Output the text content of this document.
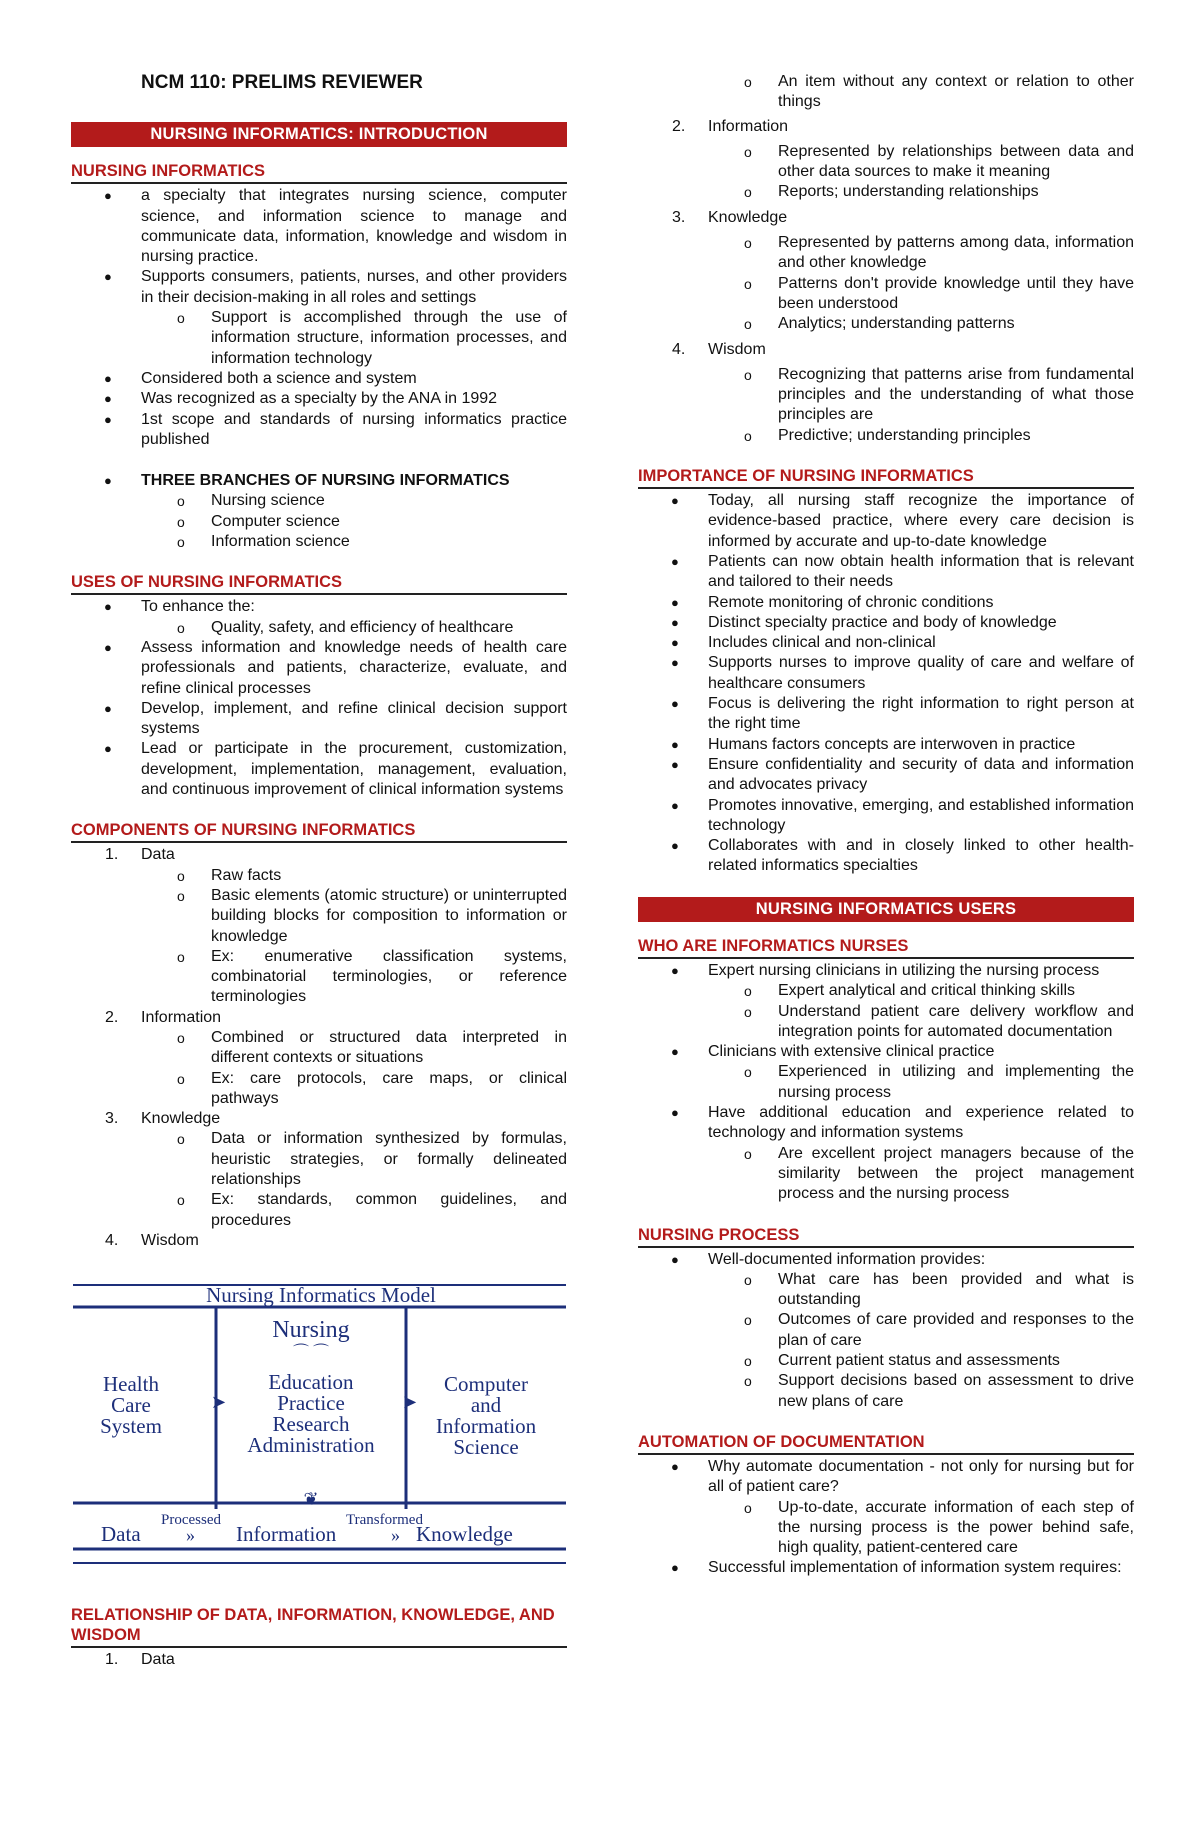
NCM 110: PRELIMS REVIEWER
NURSING INFORMATICS: INTRODUCTION
NURSING INFORMATICS
● a specialty that integrates nursing science, computer science, and information science to manage and communicate data, information, knowledge and wisdom in nursing practice.
● Supports consumers, patients, nurses, and other providers in their decision-making in all roles and settings
o Support is accomplished through the use of information structure, information processes, and information technology
● Considered both a science and system
● Was recognized as a specialty by the ANA in 1992
● 1st scope and standards of nursing informatics practice published
● THREE BRANCHES OF NURSING INFORMATICS
o Nursing science
o Computer science
o Information science
USES OF NURSING INFORMATICS
● To enhance the:
o Quality, safety, and efficiency of healthcare
● Assess information and knowledge needs of health care professionals and patients, characterize, evaluate, and refine clinical processes
● Develop, implement, and refine clinical decision support systems
● Lead or participate in the procurement, customization, development, implementation, management, evaluation, and continuous improvement of clinical information systems
COMPONENTS OF NURSING INFORMATICS
1. Data
o Raw facts
o Basic elements (atomic structure) or uninterrupted building blocks for composition to information or knowledge
o Ex: enumerative classification systems, combinatorial terminologies, or reference terminologies
2. Information
o Combined or structured data interpreted in different contexts or situations
o Ex: care protocols, care maps, or clinical pathways
3. Knowledge
o Data or information synthesized by formulas, heuristic strategies, or formally delineated relationships
o Ex: standards, common guidelines, and procedures
4. Wisdom
Nursing Informatics Model
Health
Care
System
Nursing
⌒ ⌒
Education
Practice
Research
Administration
Computer
and
Information
Science
➤	➤
❦
Processed	Transformed
Data	» Information	» Knowledge
RELATIONSHIP OF DATA, INFORMATION, KNOWLEDGE, AND WISDOM
1. Data
o An item without any context or relation to other things
2. Information
o Represented by relationships between data and other data sources to make it meaning
o Reports; understanding relationships
3. Knowledge
o Represented by patterns among data, information and other knowledge
o Patterns don't provide knowledge until they have been understood
o Analytics; understanding patterns
4. Wisdom
o Recognizing that patterns arise from fundamental principles and the understanding of what those principles are
o Predictive; understanding principles
IMPORTANCE OF NURSING INFORMATICS
● Today, all nursing staff recognize the importance of evidence-based practice, where every care decision is informed by accurate and up-to-date knowledge
● Patients can now obtain health information that is relevant and tailored to their needs
● Remote monitoring of chronic conditions
● Distinct specialty practice and body of knowledge
● Includes clinical and non-clinical
● Supports nurses to improve quality of care and welfare of healthcare consumers
● Focus is delivering the right information to right person at the right time
● Humans factors concepts are interwoven in practice
● Ensure confidentiality and security of data and information and advocates privacy
● Promotes innovative, emerging, and established information technology
● Collaborates with and in closely linked to other health-related informatics specialties
NURSING INFORMATICS USERS
WHO ARE INFORMATICS NURSES
● Expert nursing clinicians in utilizing the nursing process
o Expert analytical and critical thinking skills
o Understand patient care delivery workflow and integration points for automated documentation
● Clinicians with extensive clinical practice
o Experienced in utilizing and implementing the nursing process
● Have additional education and experience related to technology and information systems
o Are excellent project managers because of the similarity between the project management process and the nursing process
NURSING PROCESS
● Well-documented information provides:
o What care has been provided and what is outstanding
o Outcomes of care provided and responses to the plan of care
o Current patient status and assessments
o Support decisions based on assessment to drive new plans of care
AUTOMATION OF DOCUMENTATION
● Why automate documentation - not only for nursing but for all of patient care?
o Up-to-date, accurate information of each step of the nursing process is the power behind safe, high quality, patient-centered care
● Successful implementation of information system requires:
